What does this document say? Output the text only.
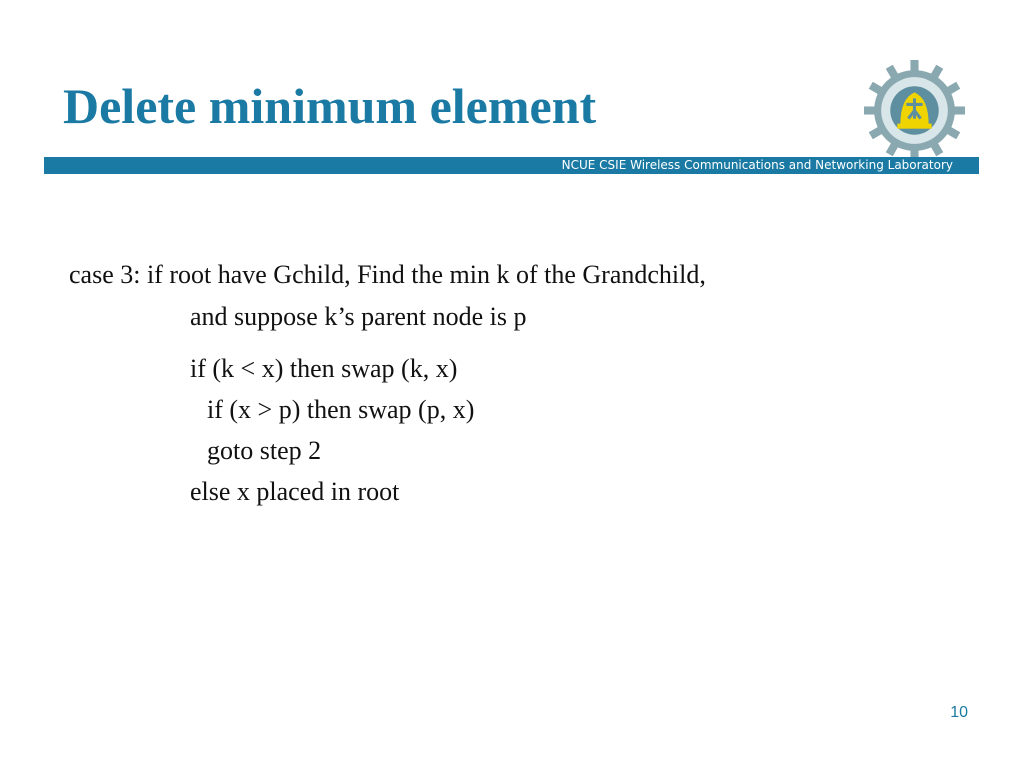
Delete minimum element
NCUE CSIE Wireless Communications and Networking Laboratory
case 3: if root have Gchild, Find the min k of the Grandchild,
and suppose k’s parent node is p
if (k < x) then swap (k, x)
if (x > p) then swap (p, x)
goto step 2
else x placed in root
10
